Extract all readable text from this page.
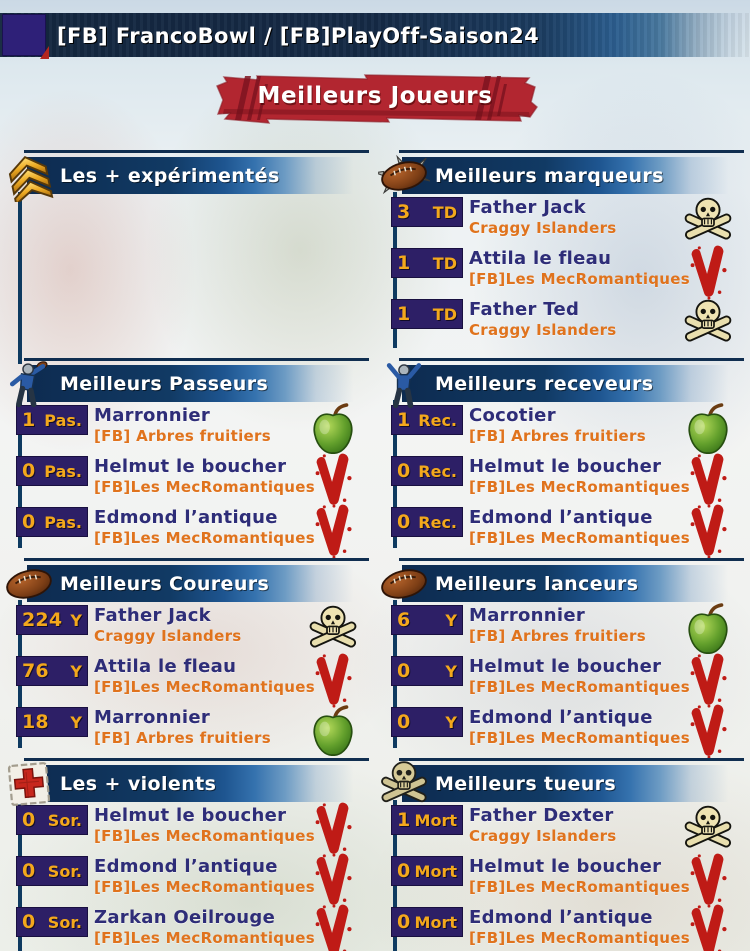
[FB] FrancoBowl / [FB]PlayOff-Saison24
Meilleurs Joueurs
Les + expérimentés	Meilleurs marqueurs
3 TD Father Jack
Craggy Islanders
1 TD Attila le fleau
[FB]Les MecRomantiques
1 TD Father Ted
Craggy Islanders
Meilleurs Passeurs
1 Pas. Marronnier
[FB] Arbres fruitiers
0 Pas. Helmut le boucher
[FB]Les MecRomantiques
0 Pas. Edmond l’antique
[FB]Les MecRomantiques
Meilleurs receveurs
1 Rec. Cocotier
[FB] Arbres fruitiers
0 Rec. Helmut le boucher
[FB]Les MecRomantiques
0 Rec. Edmond l’antique
[FB]Les MecRomantiques
Meilleurs Coureurs
224 Y Father Jack
Craggy Islanders
76 Y Attila le fleau
[FB]Les MecRomantiques
18 Y Marronnier
[FB] Arbres fruitiers
Meilleurs lanceurs
6 Y Marronnier
[FB] Arbres fruitiers
0 Y Helmut le boucher
[FB]Les MecRomantiques
0 Y Edmond l’antique
[FB]Les MecRomantiques
Les + violents
0 Sor. Helmut le boucher
[FB]Les MecRomantiques
0 Sor. Edmond l’antique
[FB]Les MecRomantiques
0 Sor. Zarkan Oeilrouge
[FB]Les MecRomantiques
Meilleurs tueurs
1 Mort Father Dexter
Craggy Islanders
0 Mort Helmut le boucher
[FB]Les MecRomantiques
0 Mort Edmond l’antique
[FB]Les MecRomantiques
